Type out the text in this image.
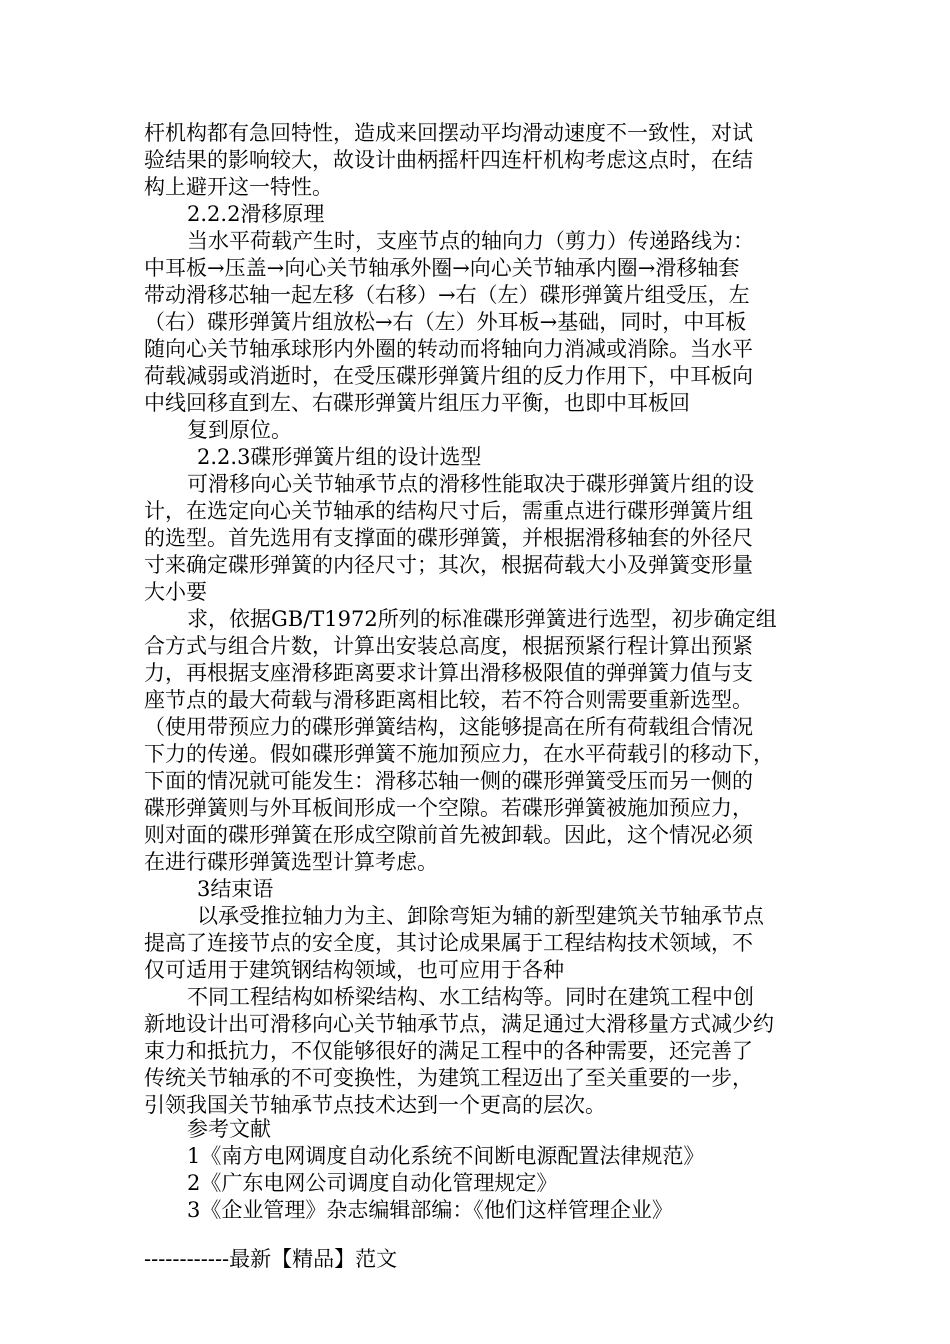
杆机构都有急回特性，造成来回摆动平均滑动速度不一致性，对试
验结果的影响较大，故设计曲柄摇杆四连杆机构考虑这点时，在结
构上避开这一特性。
2.2.2滑移原理
当水平荷载产生时，支座节点的轴向力（剪力）传递路线为：
中耳板→压盖→向心关节轴承外圈→向心关节轴承内圈→滑移轴套
带动滑移芯轴一起左移（右移）→右（左）碟形弹簧片组受压，左
（右）碟形弹簧片组放松→右（左）外耳板→基础，同时，中耳板
随向心关节轴承球形内外圈的转动而将轴向力消减或消除。当水平
荷载减弱或消逝时，在受压碟形弹簧片组的反力作用下，中耳板向
中线回移直到左、右碟形弹簧片组压力平衡，也即中耳板回
复到原位。
2.2.3碟形弹簧片组的设计选型
可滑移向心关节轴承节点的滑移性能取决于碟形弹簧片组的设
计，在选定向心关节轴承的结构尺寸后，需重点进行碟形弹簧片组
的选型。首先选用有支撑面的碟形弹簧，并根据滑移轴套的外径尺
寸来确定碟形弹簧的内径尺寸；其次，根据荷载大小及弹簧变形量
大小要
求，依据GB/T1972所列的标准碟形弹簧进行选型，初步确定组
合方式与组合片数，计算出安装总高度，根据预紧行程计算出预紧
力，再根据支座滑移距离要求计算出滑移极限值的弹弹簧力值与支
座节点的最大荷载与滑移距离相比较，若不符合则需要重新选型。
（使用带预应力的碟形弹簧结构，这能够提高在所有荷载组合情况
下力的传递。假如碟形弹簧不施加预应力，在水平荷载引的移动下，
下面的情况就可能发生：滑移芯轴一侧的碟形弹簧受压而另一侧的
碟形弹簧则与外耳板间形成一个空隙。若碟形弹簧被施加预应力，
则对面的碟形弹簧在形成空隙前首先被卸载。因此，这个情况必须
在进行碟形弹簧选型计算考虑。
3结束语
以承受推拉轴力为主、卸除弯矩为辅的新型建筑关节轴承节点
提高了连接节点的安全度，其讨论成果属于工程结构技术领域，不
仅可适用于建筑钢结构领域，也可应用于各种
不同工程结构如桥梁结构、水工结构等。同时在建筑工程中创
新地设计出可滑移向心关节轴承节点，满足通过大滑移量方式减少约
束力和抵抗力，不仅能够很好的满足工程中的各种需要，还完善了
传统关节轴承的不可变换性，为建筑工程迈出了至关重要的一步，
引领我国关节轴承节点技术达到一个更高的层次。
参考文献
1《南方电网调度自动化系统不间断电源配置法律规范》
2《广东电网公司调度自动化管理规定》
3《企业管理》杂志编辑部编：《他们这样管理企业》
------------最新【精品】范文
